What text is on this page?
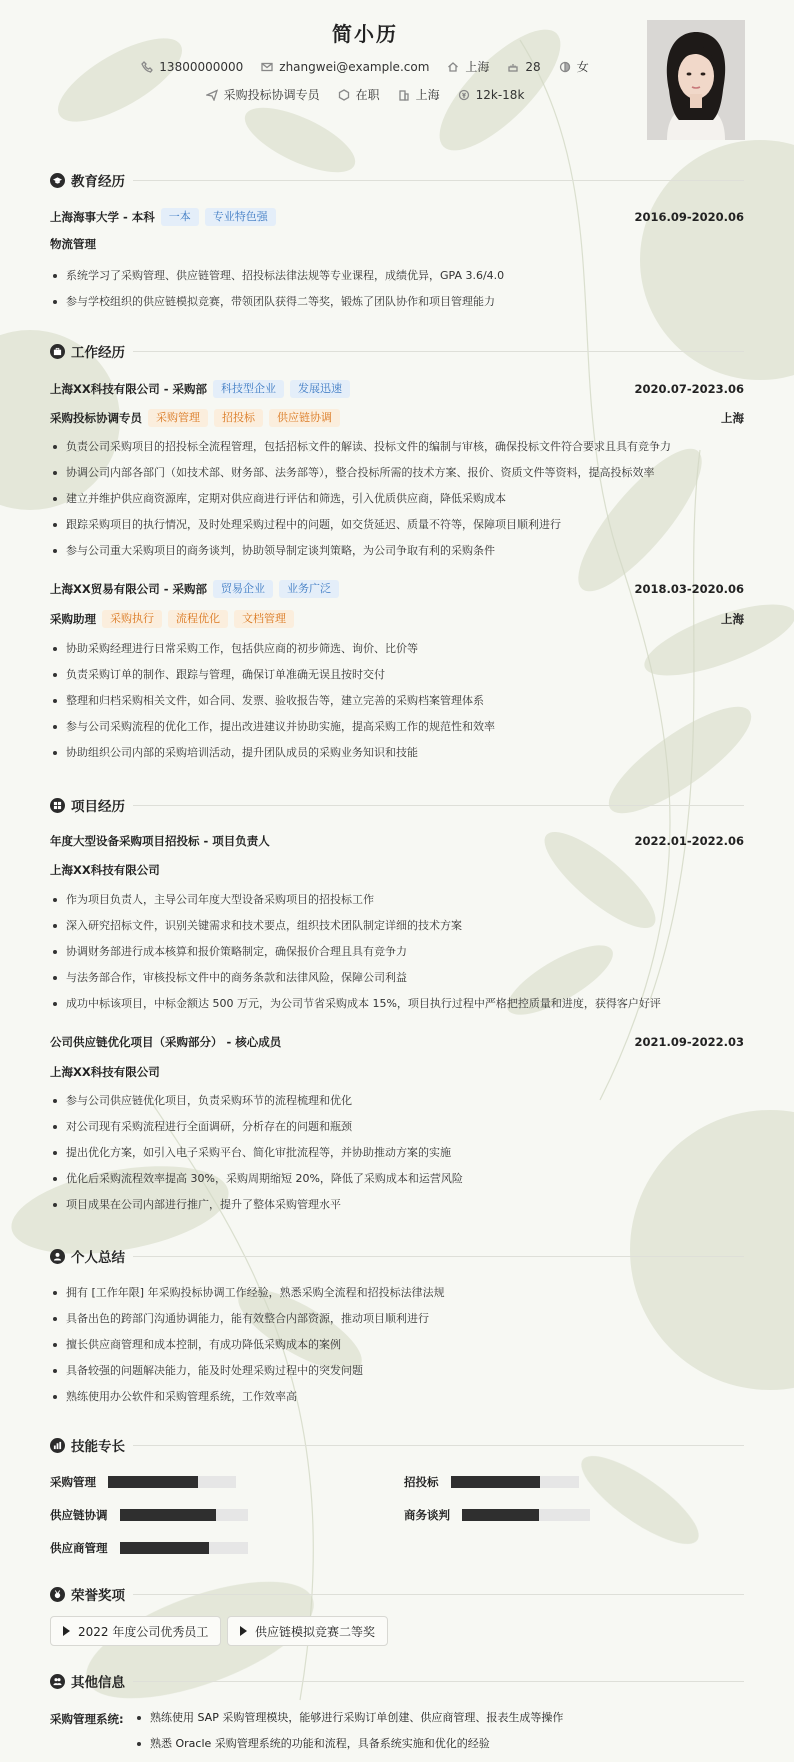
简小历
13800000000	zhangwei@example.com	上海	28	女
采购投标协调专员	在职	上海	12k-18k
教育经历
上海海事大学 - 本科	一本	专业特色强	2016.09-2020.06
物流管理
系统学习了采购管理、供应链管理、招投标法律法规等专业课程，成绩优异，GPA 3.6/4.0
参与学校组织的供应链模拟竞赛，带领团队获得二等奖，锻炼了团队协作和项目管理能力
工作经历
上海XX科技有限公司 - 采购部	科技型企业	发展迅速	2020.07-2023.06
采购投标协调专员	采购管理	招投标	供应链协调	上海
负责公司采购项目的招投标全流程管理，包括招标文件的解读、投标文件的编制与审核，确保投标文件符合要求且具有竞争力
协调公司内部各部门（如技术部、财务部、法务部等），整合投标所需的技术方案、报价、资质文件等资料，提高投标效率
建立并维护供应商资源库，定期对供应商进行评估和筛选，引入优质供应商，降低采购成本
跟踪采购项目的执行情况，及时处理采购过程中的问题，如交货延迟、质量不符等，保障项目顺利进行
参与公司重大采购项目的商务谈判，协助领导制定谈判策略，为公司争取有利的采购条件
上海XX贸易有限公司 - 采购部	贸易企业	业务广泛	2018.03-2020.06
采购助理	采购执行	流程优化	文档管理	上海
协助采购经理进行日常采购工作，包括供应商的初步筛选、询价、比价等
负责采购订单的制作、跟踪与管理，确保订单准确无误且按时交付
整理和归档采购相关文件，如合同、发票、验收报告等，建立完善的采购档案管理体系
参与公司采购流程的优化工作，提出改进建议并协助实施，提高采购工作的规范性和效率
协助组织公司内部的采购培训活动，提升团队成员的采购业务知识和技能
项目经历
年度大型设备采购项目招投标 - 项目负责人	2022.01-2022.06
上海XX科技有限公司
作为项目负责人，主导公司年度大型设备采购项目的招投标工作
深入研究招标文件，识别关键需求和技术要点，组织技术团队制定详细的技术方案
协调财务部进行成本核算和报价策略制定，确保报价合理且具有竞争力
与法务部合作，审核投标文件中的商务条款和法律风险，保障公司利益
成功中标该项目，中标金额达 500 万元，为公司节省采购成本 15%，项目执行过程中严格把控质量和进度，获得客户好评
公司供应链优化项目（采购部分） - 核心成员	2021.09-2022.03
上海XX科技有限公司
参与公司供应链优化项目，负责采购环节的流程梳理和优化
对公司现有采购流程进行全面调研，分析存在的问题和瓶颈
提出优化方案，如引入电子采购平台、简化审批流程等，并协助推动方案的实施
优化后采购流程效率提高 30%，采购周期缩短 20%，降低了采购成本和运营风险
项目成果在公司内部进行推广，提升了整体采购管理水平
个人总结
拥有 [工作年限] 年采购投标协调工作经验，熟悉采购全流程和招投标法律法规
具备出色的跨部门沟通协调能力，能有效整合内部资源，推动项目顺利进行
擅长供应商管理和成本控制，有成功降低采购成本的案例
具备较强的问题解决能力，能及时处理采购过程中的突发问题
熟练使用办公软件和采购管理系统，工作效率高
技能专长
采购管理	招投标
供应链协调	商务谈判
供应商管理
荣誉奖项
2022 年度公司优秀员工	供应链模拟竞赛二等奖
其他信息
采购管理系统:	熟练使用 SAP 采购管理模块，能够进行采购订单创建、供应商管理、报表生成等操作
熟悉 Oracle 采购管理系统的功能和流程，具备系统实施和优化的经验
